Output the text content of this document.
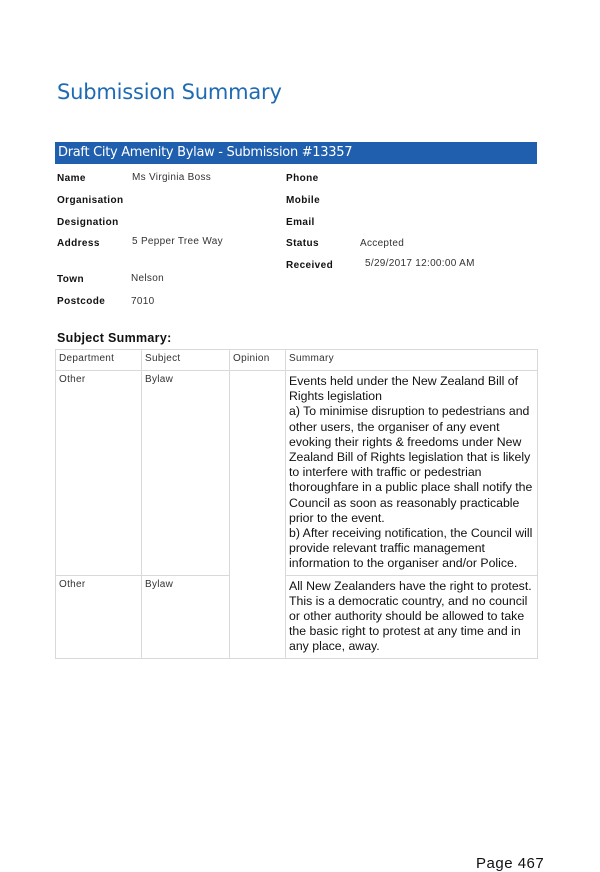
Submission Summary
Draft City Amenity Bylaw - Submission #13357
Name	Ms Virginia Boss
Organisation
Designation
Address	5 Pepper Tree Way
Town	Nelson
Postcode	7010
Phone
Mobile
Email
Status	Accepted
Received	5/29/2017 12:00:00 AM
Subject Summary:
Department	Subject	Opinion	Summary
Other	Bylaw		Events held under the New Zealand Bill of Rights legislation
a) To minimise disruption to pedestrians and other users, the organiser of any event evoking their rights & freedoms under New Zealand Bill of Rights legislation that is likely to interfere with traffic or pedestrian thoroughfare in a public place shall notify the Council as soon as reasonably practicable prior to the event.
b) After receiving notification, the Council will provide relevant traffic management information to the organiser and/or Police.
Other	Bylaw		All New Zealanders have the right to protest. This is a democratic country, and no council or other authority should be allowed to take the basic right to protest at any time and in any place, away.
Page 467
